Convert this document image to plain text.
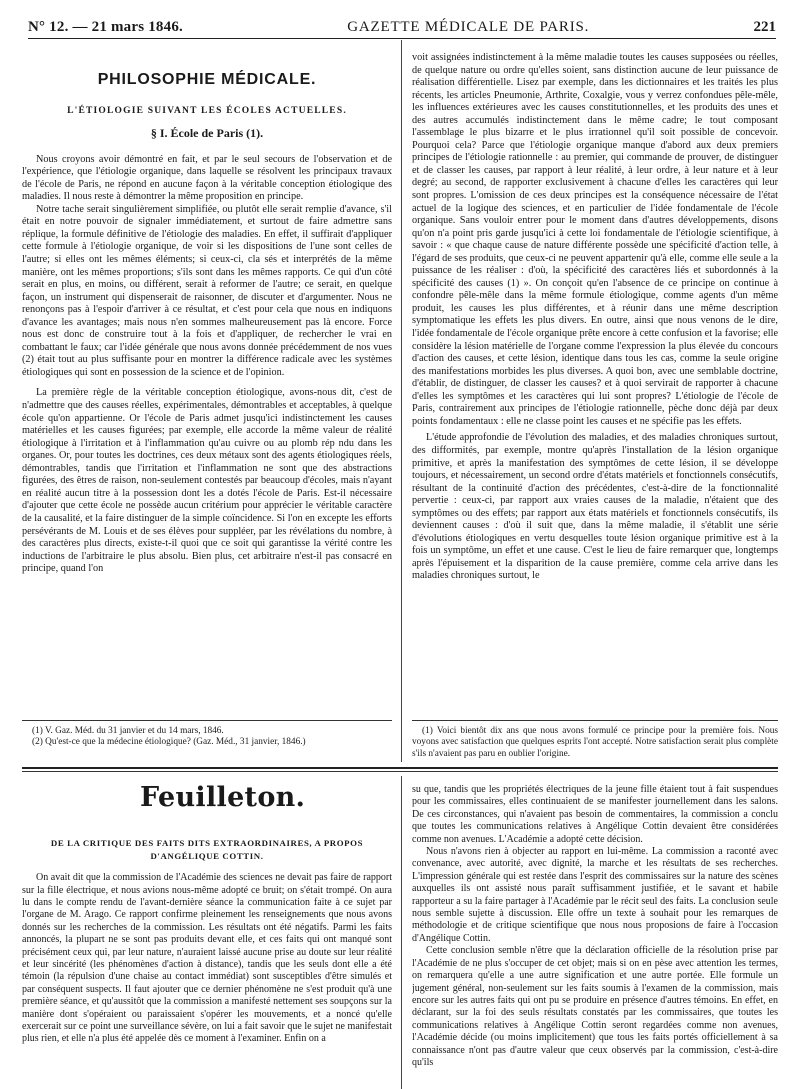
N° 12. — 21 mars 1846.	GAZETTE MÉDICALE DE PARIS.	221
PHILOSOPHIE MÉDICALE.
L'ÉTIOLOGIE SUIVANT LES ÉCOLES ACTUELLES.
§ I. École de Paris (1).

Nous croyons avoir démontré en fait, et par le seul secours de l'observation et de l'expérience, que l'étiologie organique, dans laquelle se résolvent les principaux travaux de l'école de Paris, ne répond en aucune façon à la véritable conception étiologique des maladies. Il nous reste à démontrer la même proposition en principe.

Notre tache serait singulièrement simplifiée, ou plutôt elle serait remplie d'avance, s'il était en notre pouvoir de signaler immédiatement, et surtout de faire admettre sans réplique, la formule définitive de l'étiologie des maladies. En effet, il suffirait d'appliquer cette formule à l'étiologie organique, de voir si les dispositions de l'une sont celles de l'autre; si elles ont les mêmes éléments; si ceux-ci, cla sés et interprétés de la même manière, ont les mêmes proportions; s'ils sont dans les mêmes rapports. Ce qui d'un côté serait en plus, en moins, ou différent, serait à reformer de l'autre; ce serait, en quelque façon, un instrument qui dispenserait de raisonner, de discuter et d'argumenter. Nous ne renonçons pas à l'espoir d'arriver à ce résultat, et c'est pour cela que nous en indiquons d'avance les avantages; mais nous n'en sommes malheureusement pas là encore. Force nous est donc de construire tout à la fois et d'appliquer, de rechercher le vrai en combattant le faux; car l'idée générale que nous avons donnée précédemment de nos vues (2) était tout au plus suffisante pour en montrer la différence radicale avec les systèmes étiologiques qui sont en possession de la science et de l'opinion.

La première règle de la véritable conception étiologique, avons-nous dit, c'est de n'admettre que des causes réelles, expérimentales, démontrables et acceptables, à quelque école qu'on appartienne. Or l'école de Paris admet jusqu'ici indistinctement les causes matérielles et les causes figurées; par exemple, elle accorde la même valeur de réalité étiologique à l'irritation et à l'inflammation qu'au cuivre ou au plomb rép ndu dans les organes. Or, pour toutes les doctrines, ces deux métaux sont des agents étiologiques réels, démontrables, tandis que l'irritation et l'inflammation ne sont que des abstractions figurées, des êtres de raison, non-seulement contestés par beaucoup d'écoles, mais n'ayant en réalité aucun titre à la possession dont les a dotés l'école de Paris. Est-il nécessaire d'ajouter que cette école ne possède aucun critérium pour apprécier le véritable caractère de la causalité, et la faire distinguer de la simple coïncidence. Si l'on en excepte les efforts persévérants de M. Louis et de ses élèves pour suppléer, par les révélations du nombre, à des caractères plus directs, existe-t-il quoi que ce soit qui garantisse la vérité contre les inductions de l'arbitraire le plus absolu. Bien plus, cet arbitraire n'est-il pas consacré en principe, quand l'on

voit assignées indistinctement à la même maladie toutes les causes supposées ou réelles, de quelque nature ou ordre qu'elles soient, sans distinction aucune de leur puissance de réalisation différentielle. Lisez par exemple, dans les dictionnaires et les traités les plus récents, les articles Pneumonie, Arthrite, Coxalgie, vous y verrez confondues pêle-mêle, les influences extérieures avec les causes constitutionnelles, et les produits des unes et des autres accumulés indistinctement dans le même cadre; le tout composant l'assemblage le plus bizarre et le plus irrationnel qu'il soit possible de concevoir. Pourquoi cela? Parce que l'étiologie organique manque d'abord aux deux premiers principes de l'étiologie rationnelle : au premier, qui commande de prouver, de distinguer et de classer les causes, par rapport à leur réalité, à leur ordre, à leur nature et à leur degré; au second, de rapporter exclusivement à chacune d'elles les caractères qui leur sont propres. L'omission de ces deux principes est la conséquence nécessaire de l'état actuel de la logique des sciences, et en particulier de l'idée fondamentale de l'école organique. Sans vouloir entrer pour le moment dans d'autres développements, disons qu'on n'a point pris garde jusqu'ici à cette loi fondamentale de l'étiologie scientifique, à savoir : « que chaque cause de nature différente possède une spécificité d'action telle, à l'égard de ses produits, que ceux-ci ne peuvent appartenir qu'à elle, comme elle seule a la puissance de les réaliser : d'où, la spécificité des caractères liés et subordonnés à la spécificité des causes (1) ». On conçoit qu'en l'absence de ce principe on continue à confondre pêle-mêle dans la même formule étiologique, comme agents d'un même produit, les causes les plus différentes, et à réunir dans une même description symptomatique les effets les plus divers. En outre, ainsi que nous venons de le dire, l'idée fondamentale de l'école organique prête encore à cette confusion et la favorise; elle considère la lésion matérielle de l'organe comme l'expression la plus élevée du concours d'action des causes, et cette lésion, identique dans tous les cas, comme la seule origine des manifestations morbides les plus diverses. A quoi bon, avec une semblable doctrine, d'établir, de distinguer, de classer les causes? et à quoi servirait de rapporter à chacune d'elles les symptômes et les caractères qui lui sont propres? L'étiologie de l'école de Paris, contrairement aux principes de l'étiologie rationnelle, pèche donc déjà par deux points fondamentaux : elle ne classe point les causes et ne spécifie pas les effets.

L'étude approfondie de l'évolution des maladies, et des maladies chroniques surtout, des difformités, par exemple, montre qu'après l'installation de la lésion organique primitive, et après la manifestation des symptômes de cette lésion, il se développe toujours, et nécessairement, un second ordre d'états matériels et fonctionnels consécutifs, résultant de la continuité d'action des précédentes, c'est-à-dire de la fonctionnalité pervertie : ceux-ci, par rapport aux vraies causes de la maladie, n'étaient que des symptômes ou des effets; par rapport aux états matériels et fonctionnels consécutifs, ils deviennent causes : d'où il suit que, dans la même maladie, il s'établit une série d'évolutions étiologiques en vertu desquelles toute lésion organique primitive est à la fois un symptôme, un effet et une cause. C'est le lieu de faire remarquer que, longtemps après l'épuisement et la disparition de la cause première, comme cela arrive dans les maladies chroniques surtout, le

(1) V. Gaz. Méd. du 31 janvier et du 14 mars, 1846.

(2) Qu'est-ce que la médecine étiologique? (Gaz. Méd., 31 janvier, 1846.)

(1) Voici bientôt dix ans que nous avons formulé ce principe pour la première fois. Nous voyons avec satisfaction que quelques esprits l'ont accepté. Notre satisfaction serait plus complète s'ils n'avaient pas paru en oublier l'origine.

Feuilleton.
DE LA CRITIQUE DES FAITS DITS EXTRAORDINAIRES, A PROPOS D'ANGÉLIQUE COTTIN.

On avait dit que la commission de l'Académie des sciences ne devait pas faire de rapport sur la fille électrique, et nous avions nous-même adopté ce bruit; on s'était trompé. On aura lu dans le compte rendu de l'avant-dernière séance la communication faite à ce sujet par l'organe de M. Arago. Ce rapport confirme pleinement les renseignements que nous avons donnés sur les recherches de la commission. Les résultats ont été négatifs. Parmi les faits annoncés, la plupart ne se sont pas produits devant elle, et ces faits qui ont manqué sont précisément ceux qui, par leur nature, n'auraient laissé aucune prise au doute sur leur réalité et leur sincérité (les phénomènes d'action à distance), tandis que les seuls dont elle a été témoin (la répulsion d'une chaise au contact immédiat) sont susceptibles d'être simulés et par conséquent suspects. Il faut ajouter que ce dernier phénomène ne s'est produit qu'à une première séance, et qu'aussitôt que la commission a manifesté nettement ses soupçons sur la manière dont s'opéraient ou paraissaient s'opérer les mouvements, et a noncé qu'elle exercerait sur ce point une surveillance sévère, on lui a fait savoir que le sujet ne manifestait plus rien, et elle n'a plus été appelée dès ce moment à l'examiner. Enfin on a

su que, tandis que les propriétés électriques de la jeune fille étaient tout à fait suspendues pour les commissaires, elles continuaient de se manifester journellement dans les salons. De ces circonstances, qui n'avaient pas besoin de commentaires, la commission a conclu que toutes les communications relatives à Angélique Cottin devaient être considérées comme non avenues. L'Académie a adopté cette décision.

Nous n'avons rien à objecter au rapport en lui-même. La commission a raconté avec convenance, avec autorité, avec dignité, la marche et les résultats de ses recherches. L'impression générale qui est restée dans l'esprit des commissaires sur la nature des scènes auxquelles ils ont assisté nous paraît suffisamment justifiée, et le savant et habile rapporteur a su la faire partager à l'Académie par le récit seul des faits. La conclusion seule nous semble sujette à discussion. Elle offre un texte à souhait pour les remarques de méthodologie et de critique scientifique que nous nous proposions de faire à l'occasion d'Angélique Cottin.

Cette conclusion semble n'être que la déclaration officielle de la résolution prise par l'Académie de ne plus s'occuper de cet objet; mais si on en pèse avec attention les termes, on remarquera qu'elle a une autre signification et une autre portée. Elle formule un jugement général, non-seulement sur les faits soumis à l'examen de la commission, mais encore sur les autres faits qui ont pu se produire en présence d'autres témoins. En effet, en déclarant, sur la foi des seuls résultats constatés par les commissaires, que toutes les communications relatives à Angélique Cottin seront regardées comme non avenues, l'Académie décide (ou moins implicitement) que tous les faits portés officiellement à sa connaissance n'ont pas d'autre valeur que ceux observés par la commission, c'est-à-dire qu'ils
